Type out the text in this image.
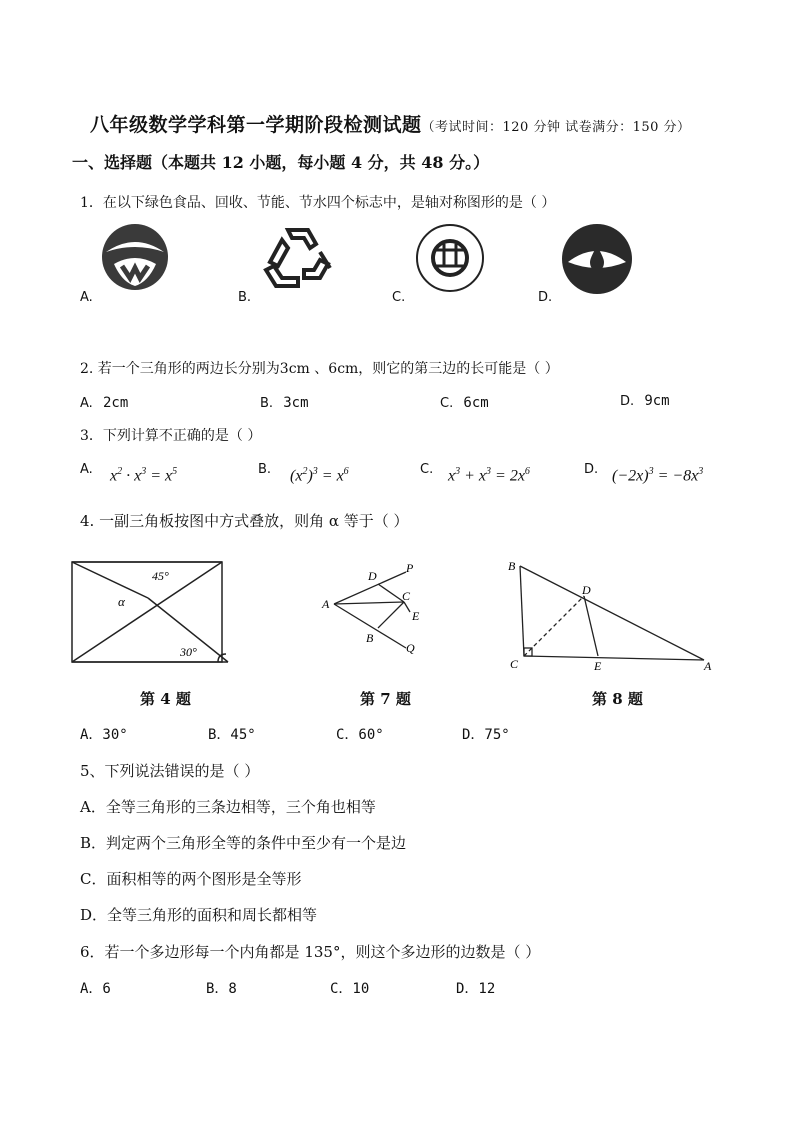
八年级数学学科第一学期阶段检测试题（考试时间：120 分钟 试卷满分：150 分）
一、选择题（本题共 12 小题，每小题 4 分，共 48 分。）
1．在以下绿色食品、回收、节能、节水四个标志中，是轴对称图形的是（ ）
A.	B.	C.	D.
2. 若一个三角形的两边长分别为3cm 、6cm，则它的第三边的长可能是（ ）
A. 2cm	B. 3cm	C. 6cm	D. 9cm
3．下列计算不正确的是（ ）
A. $x^2 \cdot x^3 = x^5$	B. $(x^2)^3 = x^6$	C. $x^3 + x^3 = 2x^6$	D. $(-2x)^3 = -8x^3$
4. 一副三角板按图中方式叠放，则角 α 等于（ ）
45°
α
30°
A
D
P
C
E
B
Q
B
D
C	E	A
第 4 题	第 7 题	第 8 题
A．30°	B．45°	C．60°	D．75°
5、下列说法错误的是（ ）
A．全等三角形的三条边相等，三个角也相等
B．判定两个三角形全等的条件中至少有一个是边
C．面积相等的两个图形是全等形
D．全等三角形的面积和周长都相等
6．若一个多边形每一个内角都是 135°，则这个多边形的边数是（ ）
A．6	B．8	C．10	D．12
